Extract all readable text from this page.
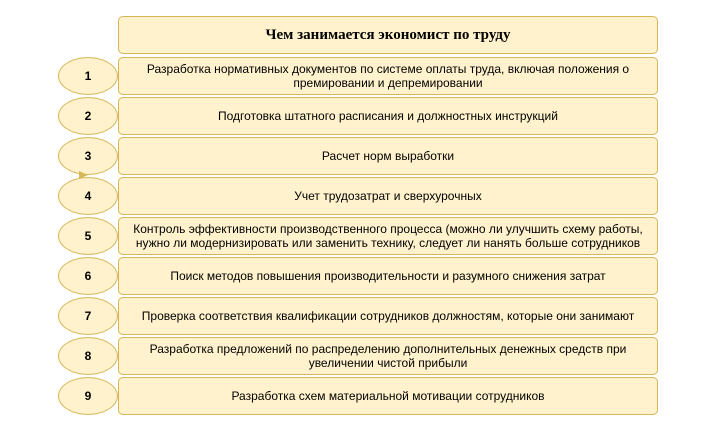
Чем занимается экономист по труду
1	Разработка нормативных документов по системе оплаты труда, включая положения о премировании и депремировании
2	Подготовка штатного расписания и должностных инструкций
3	Расчет норм выработки
4	Учет трудозатрат и сверхурочных
5	Контроль эффективности производственного процесса (можно ли улучшить схему работы, нужно ли модернизировать или заменить технику, следует ли нанять больше сотрудников
6	Поиск методов повышения производительности и разумного снижения затрат
7	Проверка соответствия квалификации сотрудников должностям, которые они занимают
8	Разработка предложений по распределению дополнительных денежных средств при увеличении чистой прибыли
9	Разработка схем материальной мотивации сотрудников
